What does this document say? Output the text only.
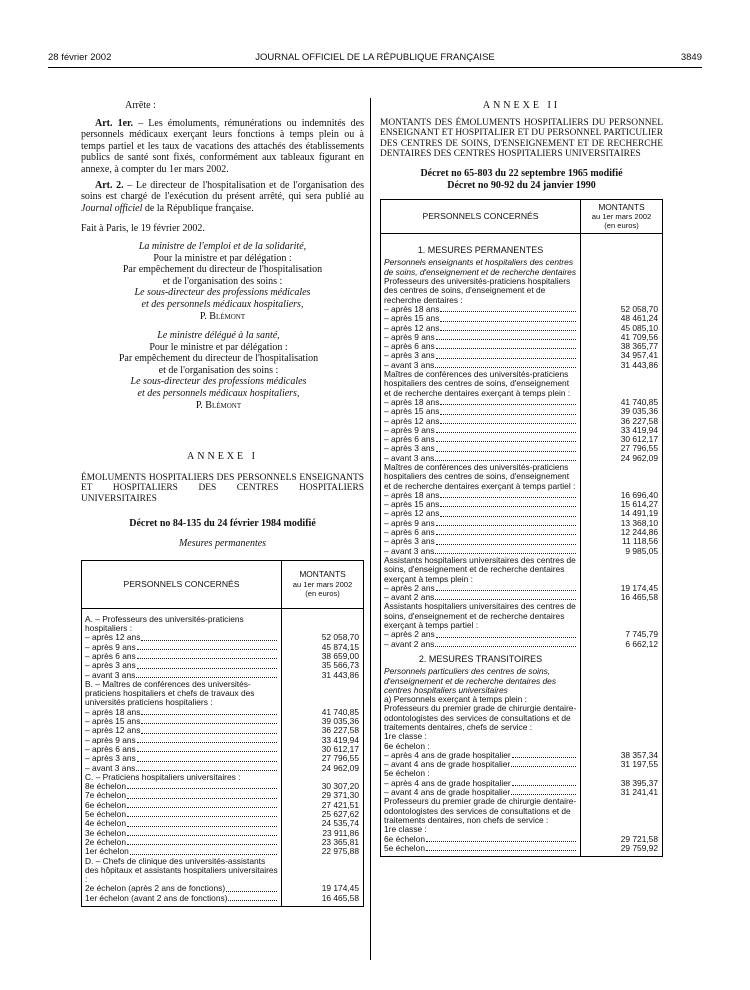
28 février 2002	JOURNAL OFFICIEL DE LA RÉPUBLIQUE FRANÇAISE	3849

Arrête :

Art. 1er. – Les émoluments, rémunérations ou indemnités des personnels médicaux exerçant leurs fonctions à temps plein ou à temps partiel et les taux de vacations des attachés des établissements publics de santé sont fixés, conformément aux tableaux figurant en annexe, à compter du 1er mars 2002.

Art. 2. – Le directeur de l'hospitalisation et de l'organisation des soins est chargé de l'exécution du présent arrêté, qui sera publié au Journal officiel de la République française.

Fait à Paris, le 19 février 2002.

La ministre de l'emploi et de la solidarité,
Pour la ministre et par délégation :
Par empêchement du directeur de l'hospitalisation
et de l'organisation des soins :
Le sous-directeur des professions médicales
et des personnels médicaux hospitaliers,
P. Blémont
Le ministre délégué à la santé,
Pour le ministre et par délégation :
Par empêchement du directeur de l'hospitalisation
et de l'organisation des soins :
Le sous-directeur des professions médicales
et des personnels médicaux hospitaliers,
P. Blémont

ANNEXE I

ÉMOLUMENTS HOSPITALIERS DES PERSONNELS ENSEIGNANTS ET HOSPITALIERS DES CENTRES HOSPITALIERS UNIVERSITAIRES

Décret no 84-135 du 24 février 1984 modifié

Mesures permanentes

PERSONNELS CONCERNÉS	MONTANTS
au 1er mars 2002
(en euros)

A. – Professeurs des universités-praticiens hospitaliers :	

– après 12 ans	52 058,70

– après 9 ans	45 874,15

– après 6 ans	38 659,00

– après 3 ans	35 566,73

– avant 3 ans	31 443,86

B. – Maîtres de conférences des universités-praticiens hospitaliers et chefs de travaux des universités praticiens hospitaliers :	

– après 18 ans	41 740,85

– après 15 ans	39 035,36

– après 12 ans	36 227,58

– après 9 ans	33 419,94

– après 6 ans	30 612,17

– après 3 ans	27 796,55

– avant 3 ans	24 962,09

C. – Praticiens hospitaliers universitaires :	

8e échelon	30 307,20

7e échelon	29 371,30

6e échelon	27 421,51

5e échelon	25 627,62

4e échelon	24 535,74

3e échelon	23 911,86

2e échelon	23 365,81

1er échelon	22 975,88

D. – Chefs de clinique des universités-assistants des hôpitaux et assistants hospitaliers universitaires :	

2e échelon (après 2 ans de fonctions)	19 174,45

1er échelon (avant 2 ans de fonctions)	16 465,58

ANNEXE II

MONTANTS DES ÉMOLUMENTS HOSPITALIERS DU PERSONNEL ENSEIGNANT ET HOSPITALIER ET DU PERSONNEL PARTICULIER DES CENTRES DE SOINS, D'ENSEIGNEMENT ET DE RECHERCHE DENTAIRES DES CENTRES HOSPITALIERS UNIVERSITAIRES

Décret no 65-803 du 22 septembre 1965 modifié

Décret no 90-92 du 24 janvier 1990

PERSONNELS CONCERNÉS	MONTANTS
au 1er mars 2002
(en euros)

1. MESURES PERMANENTES	

Personnels enseignants et hospitaliers des centres de soins, d'enseignement et de recherche dentaires	

Professeurs des universités-praticiens hospitaliers des centres de soins, d'enseignement et de recherche dentaires :	

– après 18 ans	52 058,70

– après 15 ans	48 461,24

– après 12 ans	45 085,10

– après 9 ans	41 709,56

– après 6 ans	38 365,77

– après 3 ans	34 957,41

– avant 3 ans	31 443,86

Maîtres de conférences des universités-praticiens hospitaliers des centres de soins, d'enseignement et de recherche dentaires exerçant à temps plein :	

– après 18 ans	41 740,85

– après 15 ans	39 035,36

– après 12 ans	36 227,58

– après 9 ans	33 419,94

– après 6 ans	30 612,17

– après 3 ans	27 796,55

– avant 3 ans	24 962,09

Maîtres de conférences des universités-praticiens hospitaliers des centres de soins, d'enseignement et de recherche dentaires exerçant à temps partiel :	

– après 18 ans	16 696,40

– après 15 ans	15 614,27

– après 12 ans	14 491,19

– après 9 ans	13 368,10

– après 6 ans	12 244,86

– après 3 ans	11 118,56

– avant 3 ans	9 985,05

Assistants hospitaliers universitaires des centres de soins, d'enseignement et de recherche dentaires exerçant à temps plein :	

– après 2 ans	19 174,45

– avant 2 ans	16 465,58

Assistants hospitaliers universitaires des centres de soins, d'enseignement et de recherche dentaires exerçant à temps partiel :	

– après 2 ans	7 745,79

– avant 2 ans	6 662,12

2. MESURES TRANSITOIRES	

Personnels particuliers des centres de soins, d'enseignement et de recherche dentaires des centres hospitaliers universitaires	

a) Personnels exerçant à temps plein :	

Professeurs du premier grade de chirurgie dentaire-odontologistes des services de consultations et de traitements dentaires, chefs de service :	

1re classe :	

6e échelon :	

– après 4 ans de grade hospitalier	38 357,34

– avant 4 ans de grade hospitalier	31 197,55

5e échelon :	

– après 4 ans de grade hospitalier	38 395,37

– avant 4 ans de grade hospitalier	31 241,41

Professeurs du premier grade de chirurgie dentaire-odontologistes des services de consultations et de traitements dentaires, non chefs de service :	

1re classe :	

6e échelon	29 721,58

5e échelon	29 759,92
